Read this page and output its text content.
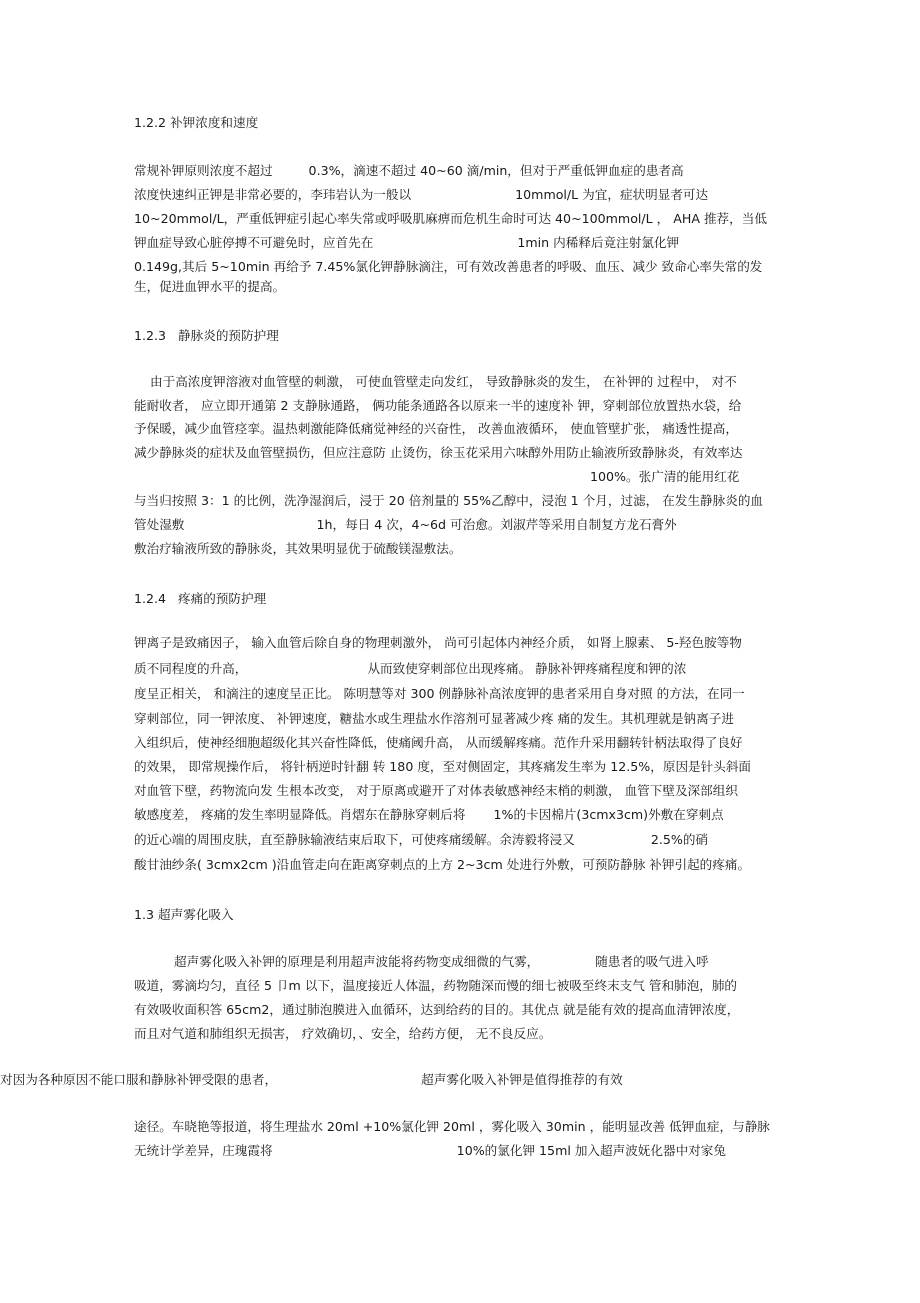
1.2.2 补钾浓度和速度
常规补钾原则浓度不超过         0.3%，滴速不超过 40~60 滴/min，但对于严重低钾血症的患者高
浓度快速纠正钾是非常必要的，李玮岩认为一般以                          10mmol/L 为宜，症状明显者可达
10~20mmol/L，严重低钾症引起心率失常或呼吸肌麻痹而危机生命时可达 40~100mmol/L ， AHA 推荐，当低
钾血症导致心脏停搏不可避免时，应首先在                                    1min 内稀释后竟注射氯化钾
0.149g,其后 5~10min 再给予 7.45%氯化钾静脉滴注，可有效改善患者的呼吸、血压、减少 致命心率失常的发
生，促进血钾水平的提高。
1.2.3   静脉炎的预防护理
由于高浓度钾溶液对血管壁的刺激， 可使血管壁走向发红， 导致静脉炎的发生， 在补钾的 过程中， 对不
能耐收者， 应立即开通第 2 支静脉通路， 俩功能条通路各以原来一半的速度补 钾，穿刺部位放置热水袋，给
予保暖，减少血管痉挛。温热刺激能降低痛觉神经的兴奋性， 改善血液循环， 使血管壁扩张， 痛透性提高，
减少静脉炎的症状及血管壁损伤，但应注意防 止烫伤，徐玉花采用六味醇外用防止输液所致静脉炎，有效率达
100%。张广清的能用红花
与当归按照 3：1 的比例，洗净湿润后，浸于 20 倍剂量的 55%乙醇中，浸泡 1 个月，过滤， 在发生静脉炎的血
管处湿敷                                 1h，每日 4 次，4~6d 可治愈。刘淑芹等采用自制复方龙石膏外
敷治疗输液所致的静脉炎，其效果明显优于硫酸镁湿敷法。
1.2.4   疼痛的预防护理
钾离子是致痛因子， 输入血管后除自身的物理刺激外， 尚可引起体内神经介质， 如肾上腺素、 5-羟色胺等物
质不同程度的升高，                              从而致使穿刺部位出现疼痛。 静脉补钾疼痛程度和钾的浓
度呈正相关， 和滴注的速度呈正比。 陈明慧等对 300 例静脉补高浓度钾的患者采用自身对照 的方法，在同一
穿刺部位，同一钾浓度、 补钾速度，糖盐水或生理盐水作溶剂可显著减少疼 痛的发生。其机理就是钠离子进
入组织后，使神经细胞超级化其兴奋性降低，使痛阈升高， 从而缓解疼痛。范作升采用翻转针柄法取得了良好
的效果， 即常规操作后， 将针柄逆时针翻 转 180 度，至对侧固定，其疼痛发生率为 12.5%，原因是针头斜面
对血管下壁，药物流向发 生根本改变， 对于原离或避开了对体表敏感神经末梢的刺激， 血管下壁及深部组织
敏感度差， 疼痛的发生率明显降低。肖熠东在静脉穿刺后将       1%的卡因棉片(3cmx3cm)外敷在穿刺点
的近心端的周围皮肤，直至静脉输液结束后取下，可使疼痛缓解。余涛毅将浸又                   2.5%的硝
酸甘油纱条( 3cmx2cm )沿血管走向在距离穿刺点的上方 2~3cm 处进行外敷，可预防静脉 补钾引起的疼痛。
1.3 超声雾化吸入
超声雾化吸入补钾的原理是利用超声波能将药物变成细微的气雾，              随患者的吸气进入呼
吸道，雾滴均匀，直径 5 卩m 以下，温度接近人体温，药物随深而慢的细七被吸至终末支气 管和肺泡，肺的
有效吸收面积答 65cm2，通过肺泡膜进入血循环，达到给药的目的。其优点 就是能有效的提高血清钾浓度，
而且对气道和肺组织无损害， 疗效确切，、安全，给药方便， 无不良反应。
对因为各种原因不能口服和静脉补钾受限的患者，                                    超声雾化吸入补钾是值得推荐的有效
途径。车晓艳等报道，将生理盐水 20ml +10%氯化钾 20ml ，雾化吸入 30min ，能明显改善 低钾血症，与静脉
无统计学差异，庄瑰霞将                                              10%的氯化钾 15ml 加入超声波妩化器中对家兔
